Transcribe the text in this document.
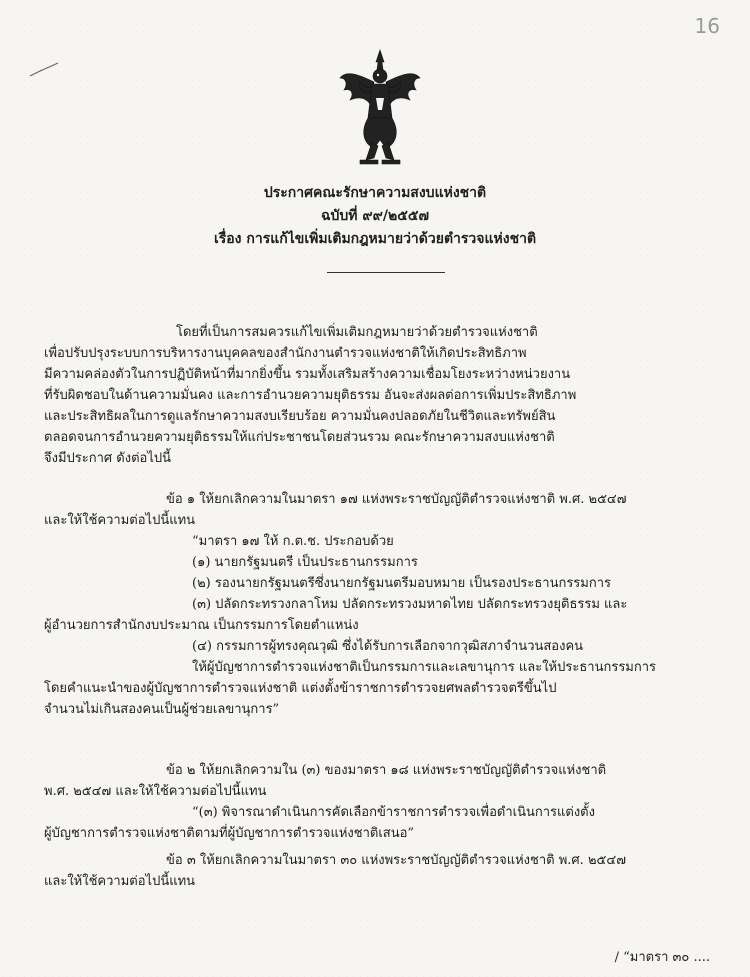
16
ประกาศคณะรักษาความสงบแห่งชาติ
ฉบับที่ ๙๙/๒๕๕๗
เรื่อง การแก้ไขเพิ่มเติมกฎหมายว่าด้วยตำรวจแห่งชาติ
โดยที่เป็นการสมควรแก้ไขเพิ่มเติมกฎหมายว่าด้วยตำรวจแห่งชาติ
เพื่อปรับปรุงระบบการบริหารงานบุคคลของสำนักงานตำรวจแห่งชาติให้เกิดประสิทธิภาพ
มีความคล่องตัวในการปฏิบัติหน้าที่มากยิ่งขึ้น รวมทั้งเสริมสร้างความเชื่อมโยงระหว่างหน่วยงาน
ที่รับผิดชอบในด้านความมั่นคง และการอำนวยความยุติธรรม อันจะส่งผลต่อการเพิ่มประสิทธิภาพ
และประสิทธิผลในการดูแลรักษาความสงบเรียบร้อย ความมั่นคงปลอดภัยในชีวิตและทรัพย์สิน
ตลอดจนการอำนวยความยุติธรรมให้แก่ประชาชนโดยส่วนรวม คณะรักษาความสงบแห่งชาติ
จึงมีประกาศ ดังต่อไปนี้
ข้อ ๑ ให้ยกเลิกความในมาตรา ๑๗ แห่งพระราชบัญญัติตำรวจแห่งชาติ พ.ศ. ๒๕๔๗
และให้ใช้ความต่อไปนี้แทน
“มาตรา ๑๗ ให้ ก.ต.ช. ประกอบด้วย
(๑) นายกรัฐมนตรี เป็นประธานกรรมการ
(๒) รองนายกรัฐมนตรีซึ่งนายกรัฐมนตรีมอบหมาย เป็นรองประธานกรรมการ
(๓) ปลัดกระทรวงกลาโหม ปลัดกระทรวงมหาดไทย ปลัดกระทรวงยุติธรรม และ
ผู้อำนวยการสำนักงบประมาณ เป็นกรรมการโดยตำแหน่ง
(๔) กรรมการผู้ทรงคุณวุฒิ ซึ่งได้รับการเลือกจากวุฒิสภาจำนวนสองคน
ให้ผู้บัญชาการตำรวจแห่งชาติเป็นกรรมการและเลขานุการ และให้ประธานกรรมการ
โดยคำแนะนำของผู้บัญชาการตำรวจแห่งชาติ แต่งตั้งข้าราชการตำรวจยศพลตำรวจตรีขึ้นไป
จำนวนไม่เกินสองคนเป็นผู้ช่วยเลขานุการ”
ข้อ ๒ ให้ยกเลิกความใน (๓) ของมาตรา ๑๘ แห่งพระราชบัญญัติตำรวจแห่งชาติ
พ.ศ. ๒๕๔๗ และให้ใช้ความต่อไปนี้แทน
“(๓) พิจารณาดำเนินการคัดเลือกข้าราชการตำรวจเพื่อดำเนินการแต่งตั้ง
ผู้บัญชาการตำรวจแห่งชาติตามที่ผู้บัญชาการตำรวจแห่งชาติเสนอ”
ข้อ ๓ ให้ยกเลิกความในมาตรา ๓๐ แห่งพระราชบัญญัติตำรวจแห่งชาติ พ.ศ. ๒๕๔๗
และให้ใช้ความต่อไปนี้แทน
/ “มาตรา ๓๐ ....
